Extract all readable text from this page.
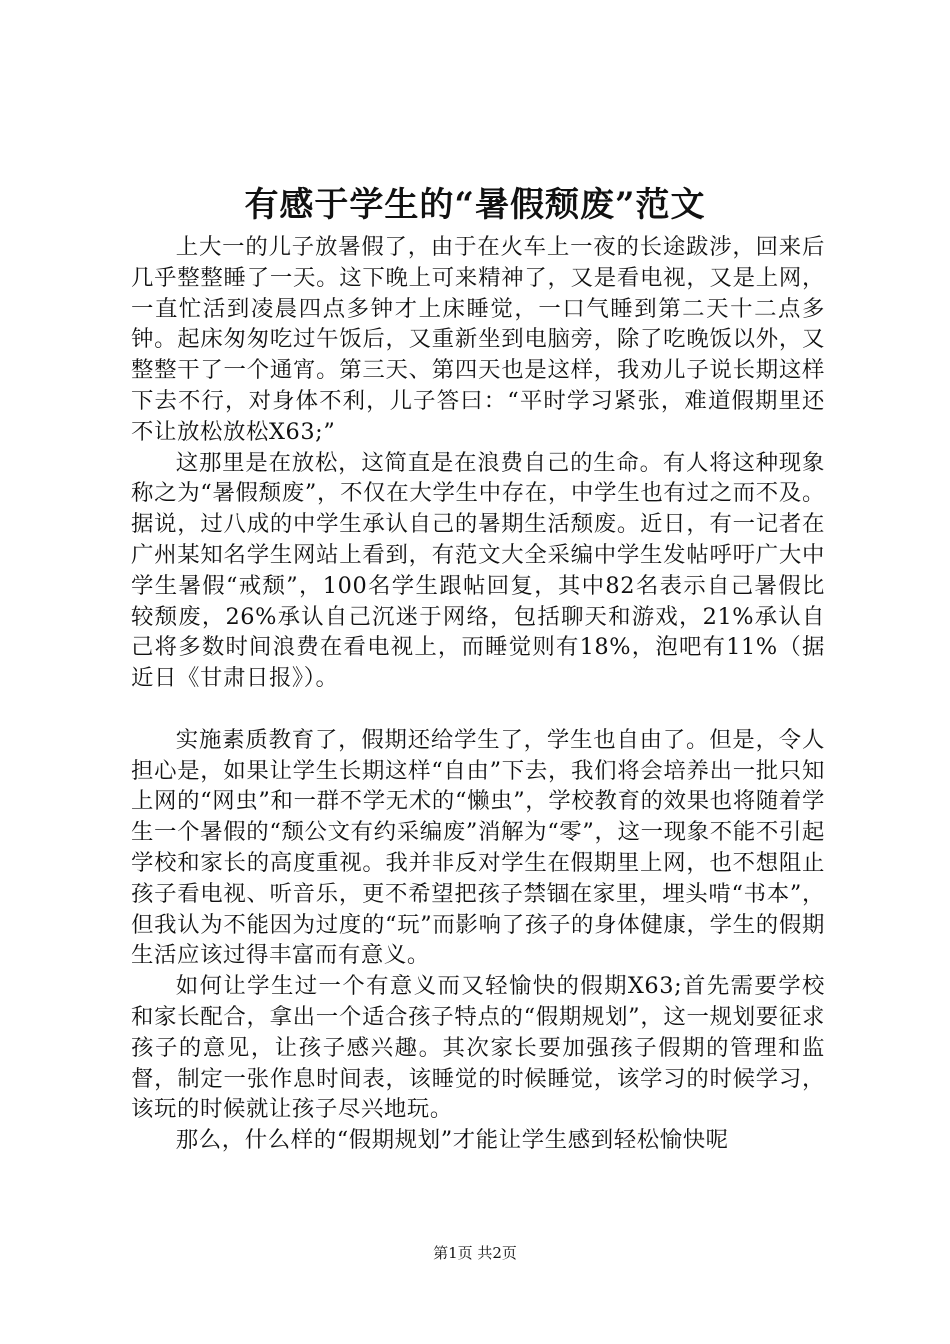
有感于学生的“暑假颓废”范文

上大一的儿子放暑假了，由于在火车上一夜的长途跋涉，回来后几乎整整睡了一天。这下晚上可来精神了，又是看电视，又是上网，一直忙活到凌晨四点多钟才上床睡觉，一口气睡到第二天十二点多钟。起床匆匆吃过午饭后，又重新坐到电脑旁，除了吃晚饭以外，又整整干了一个通宵。第三天、第四天也是这样，我劝儿子说长期这样下去不行，对身体不利，儿子答曰：“平时学习紧张，难道假期里还不让放松放松X63;”

这那里是在放松，这简直是在浪费自己的生命。有人将这种现象称之为“暑假颓废”，不仅在大学生中存在，中学生也有过之而不及。据说，过八成的中学生承认自己的暑期生活颓废。近日，有一记者在广州某知名学生网站上看到，有范文大全采编中学生发帖呼吁广大中学生暑假“戒颓”，100名学生跟帖回复，其中82名表示自己暑假比较颓废，26%承认自己沉迷于网络，包括聊天和游戏，21%承认自己将多数时间浪费在看电视上，而睡觉则有18%，泡吧有11%（据近日《甘肃日报》）。

实施素质教育了，假期还给学生了，学生也自由了。但是，令人担心是，如果让学生长期这样“自由”下去，我们将会培养出一批只知上网的“网虫”和一群不学无术的“懒虫”，学校教育的效果也将随着学生一个暑假的“颓公文有约采编废”消解为“零”，这一现象不能不引起学校和家长的高度重视。我并非反对学生在假期里上网，也不想阻止孩子看电视、听音乐，更不希望把孩子禁锢在家里，埋头啃“书本”，但我认为不能因为过度的“玩”而影响了孩子的身体健康，学生的假期生活应该过得丰富而有意义。

如何让学生过一个有意义而又轻愉快的假期X63;首先需要学校和家长配合，拿出一个适合孩子特点的“假期规划”，这一规划要征求孩子的意见，让孩子感兴趣。其次家长要加强孩子假期的管理和监督，制定一张作息时间表，该睡觉的时候睡觉，该学习的时候学习，该玩的时候就让孩子尽兴地玩。

那么，什么样的“假期规划”才能让学生感到轻松愉快呢

第1页 共2页
